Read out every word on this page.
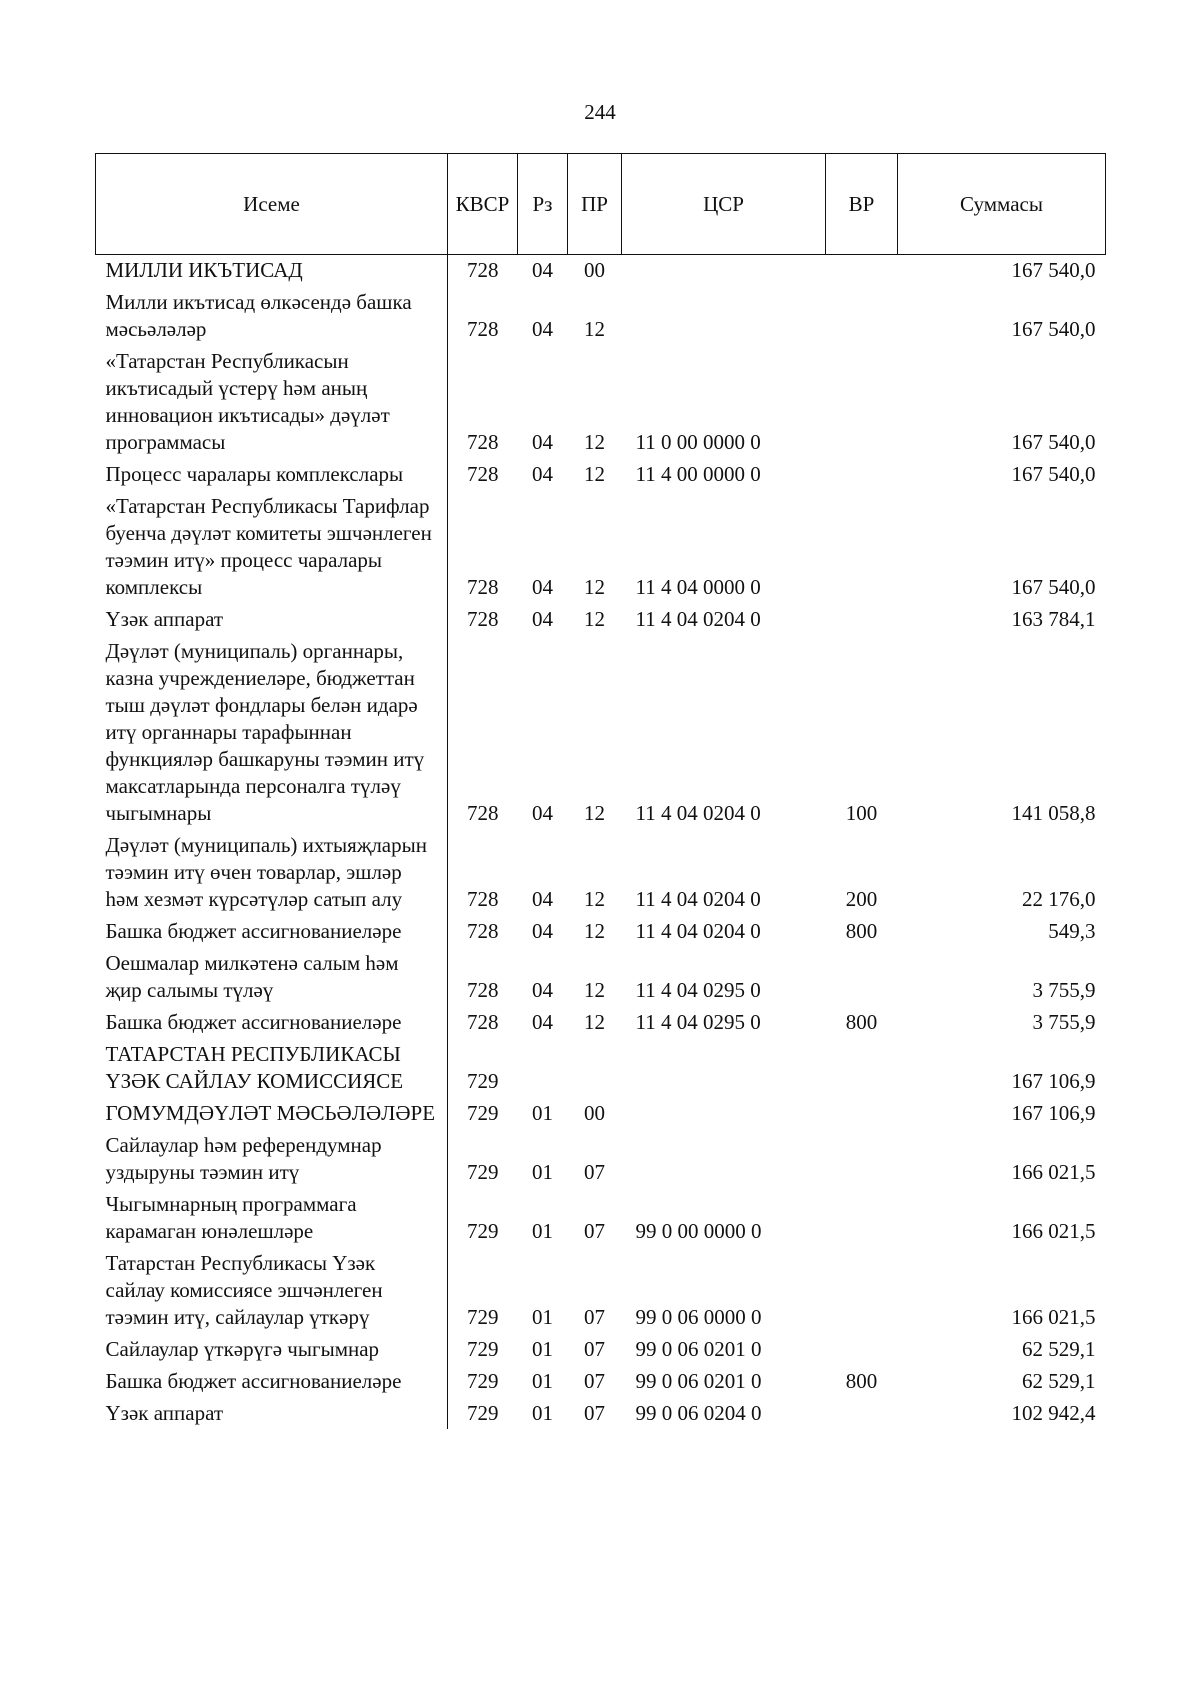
244
Исеме	КВСР	Рз	ПР	ЦСР	ВР	Суммасы

МИЛЛИ ИКЪТИСАД	728	04	00			167 540,0

Милли икътисад өлкәсендә башка мәсьәләләр	728	04	12			167 540,0

«Татарстан Республикасын икътисадый үстерү һәм аның инновацион икътисады» дәүләт программасы	728	04	12	11 0 00 0000 0		167 540,0

Процесс чаралары комплекслары	728	04	12	11 4 00 0000 0		167 540,0

«Татарстан Республикасы Тарифлар буенча дәүләт комитеты эшчәнлеген тәэмин итү» процесс чаралары комплексы	728	04	12	11 4 04 0000 0		167 540,0

Үзәк аппарат	728	04	12	11 4 04 0204 0		163 784,1

Дәүләт (муниципаль) органнары, казна учреждениеләре, бюджеттан тыш дәүләт фондлары белән идарә итү органнары тарафыннан функцияләр башкаруны тәэмин итү максатларында персоналга түләү чыгымнары	728	04	12	11 4 04 0204 0	100	141 058,8

Дәүләт (муниципаль) ихтыяҗларын тәэмин итү өчен товарлар, эшләр һәм хезмәт күрсәтүләр сатып алу	728	04	12	11 4 04 0204 0	200	22 176,0

Башка бюджет ассигнованиеләре	728	04	12	11 4 04 0204 0	800	549,3

Оешмалар милкәтенә салым һәм җир салымы түләү	728	04	12	11 4 04 0295 0		3 755,9

Башка бюджет ассигнованиеләре	728	04	12	11 4 04 0295 0	800	3 755,9

ТАТАРСТАН РЕСПУБЛИКАСЫ ҮЗӘК САЙЛАУ КОМИССИЯСЕ	729					167 106,9

ГОМУМДӘҮЛӘТ МӘСЬӘЛӘЛӘРЕ	729	01	00			167 106,9

Сайлаулар һәм референдумнар уздыруны тәэмин итү	729	01	07			166 021,5

Чыгымнарның программага карамаган юнәлешләре	729	01	07	99 0 00 0000 0		166 021,5

Татарстан Республикасы Үзәк сайлау комиссиясе эшчәнлеген тәэмин итү, сайлаулар үткәрү	729	01	07	99 0 06 0000 0		166 021,5

Сайлаулар үткәрүгә чыгымнар	729	01	07	99 0 06 0201 0		62 529,1

Башка бюджет ассигнованиеләре	729	01	07	99 0 06 0201 0	800	62 529,1

Үзәк аппарат	729	01	07	99 0 06 0204 0		102 942,4
